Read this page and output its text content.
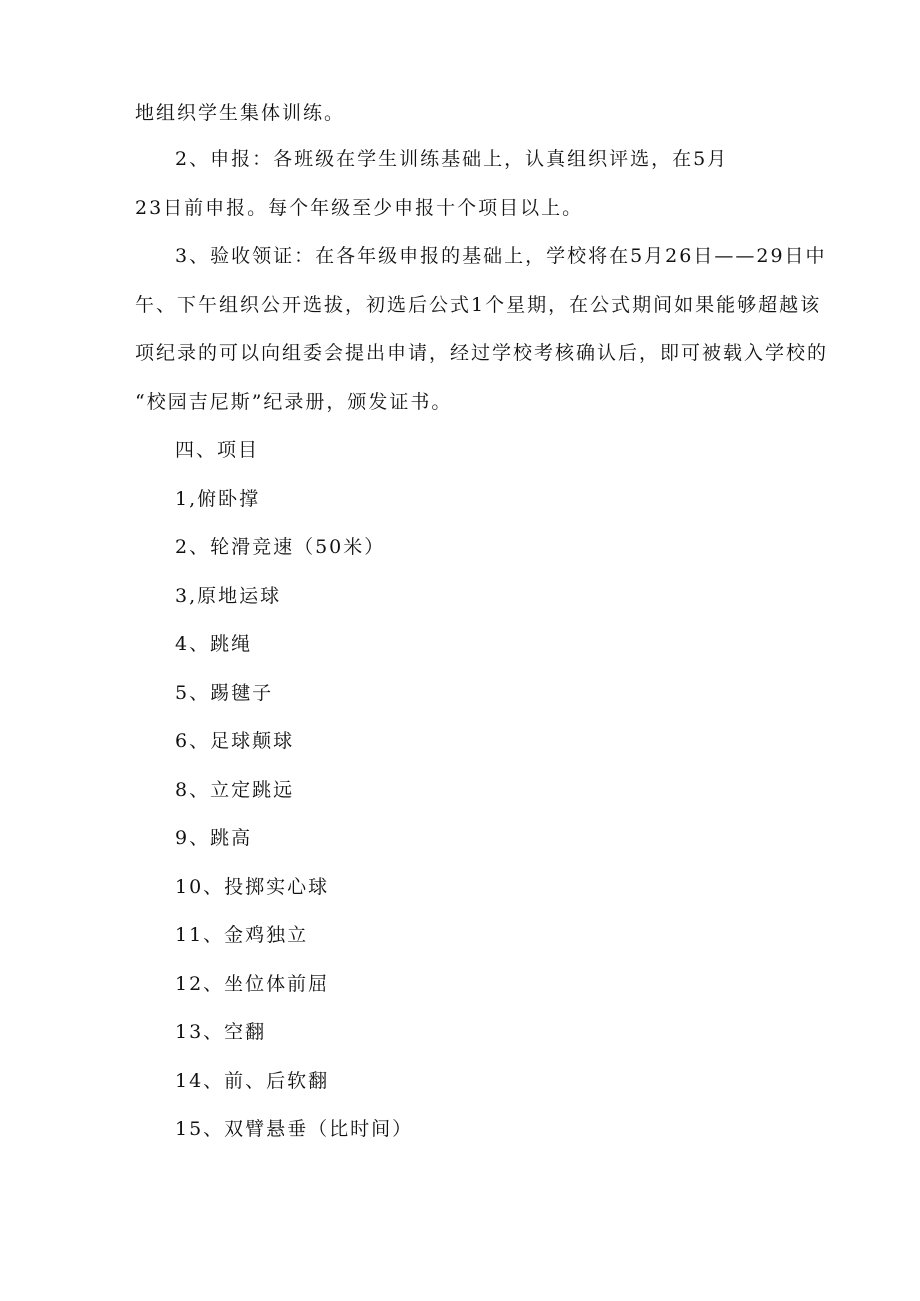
地组织学生集体训练。
2、申报：各班级在学生训练基础上，认真组织评选，在5月
23日前申报。每个年级至少申报十个项目以上。
3、验收领证：在各年级申报的基础上，学校将在5月26日——29日中
午、下午组织公开选拔，初选后公式1个星期，在公式期间如果能够超越该
项纪录的可以向组委会提出申请，经过学校考核确认后，即可被载入学校的
“校园吉尼斯”纪录册，颁发证书。
四、项目
1,俯卧撑
2、轮滑竞速（50米）
3,原地运球
4、跳绳
5、踢毽子
6、足球颠球
8、立定跳远
9、跳高
10、投掷实心球
11、金鸡独立
12、坐位体前屈
13、空翻
14、前、后软翻
15、双臂悬垂（比时间）
